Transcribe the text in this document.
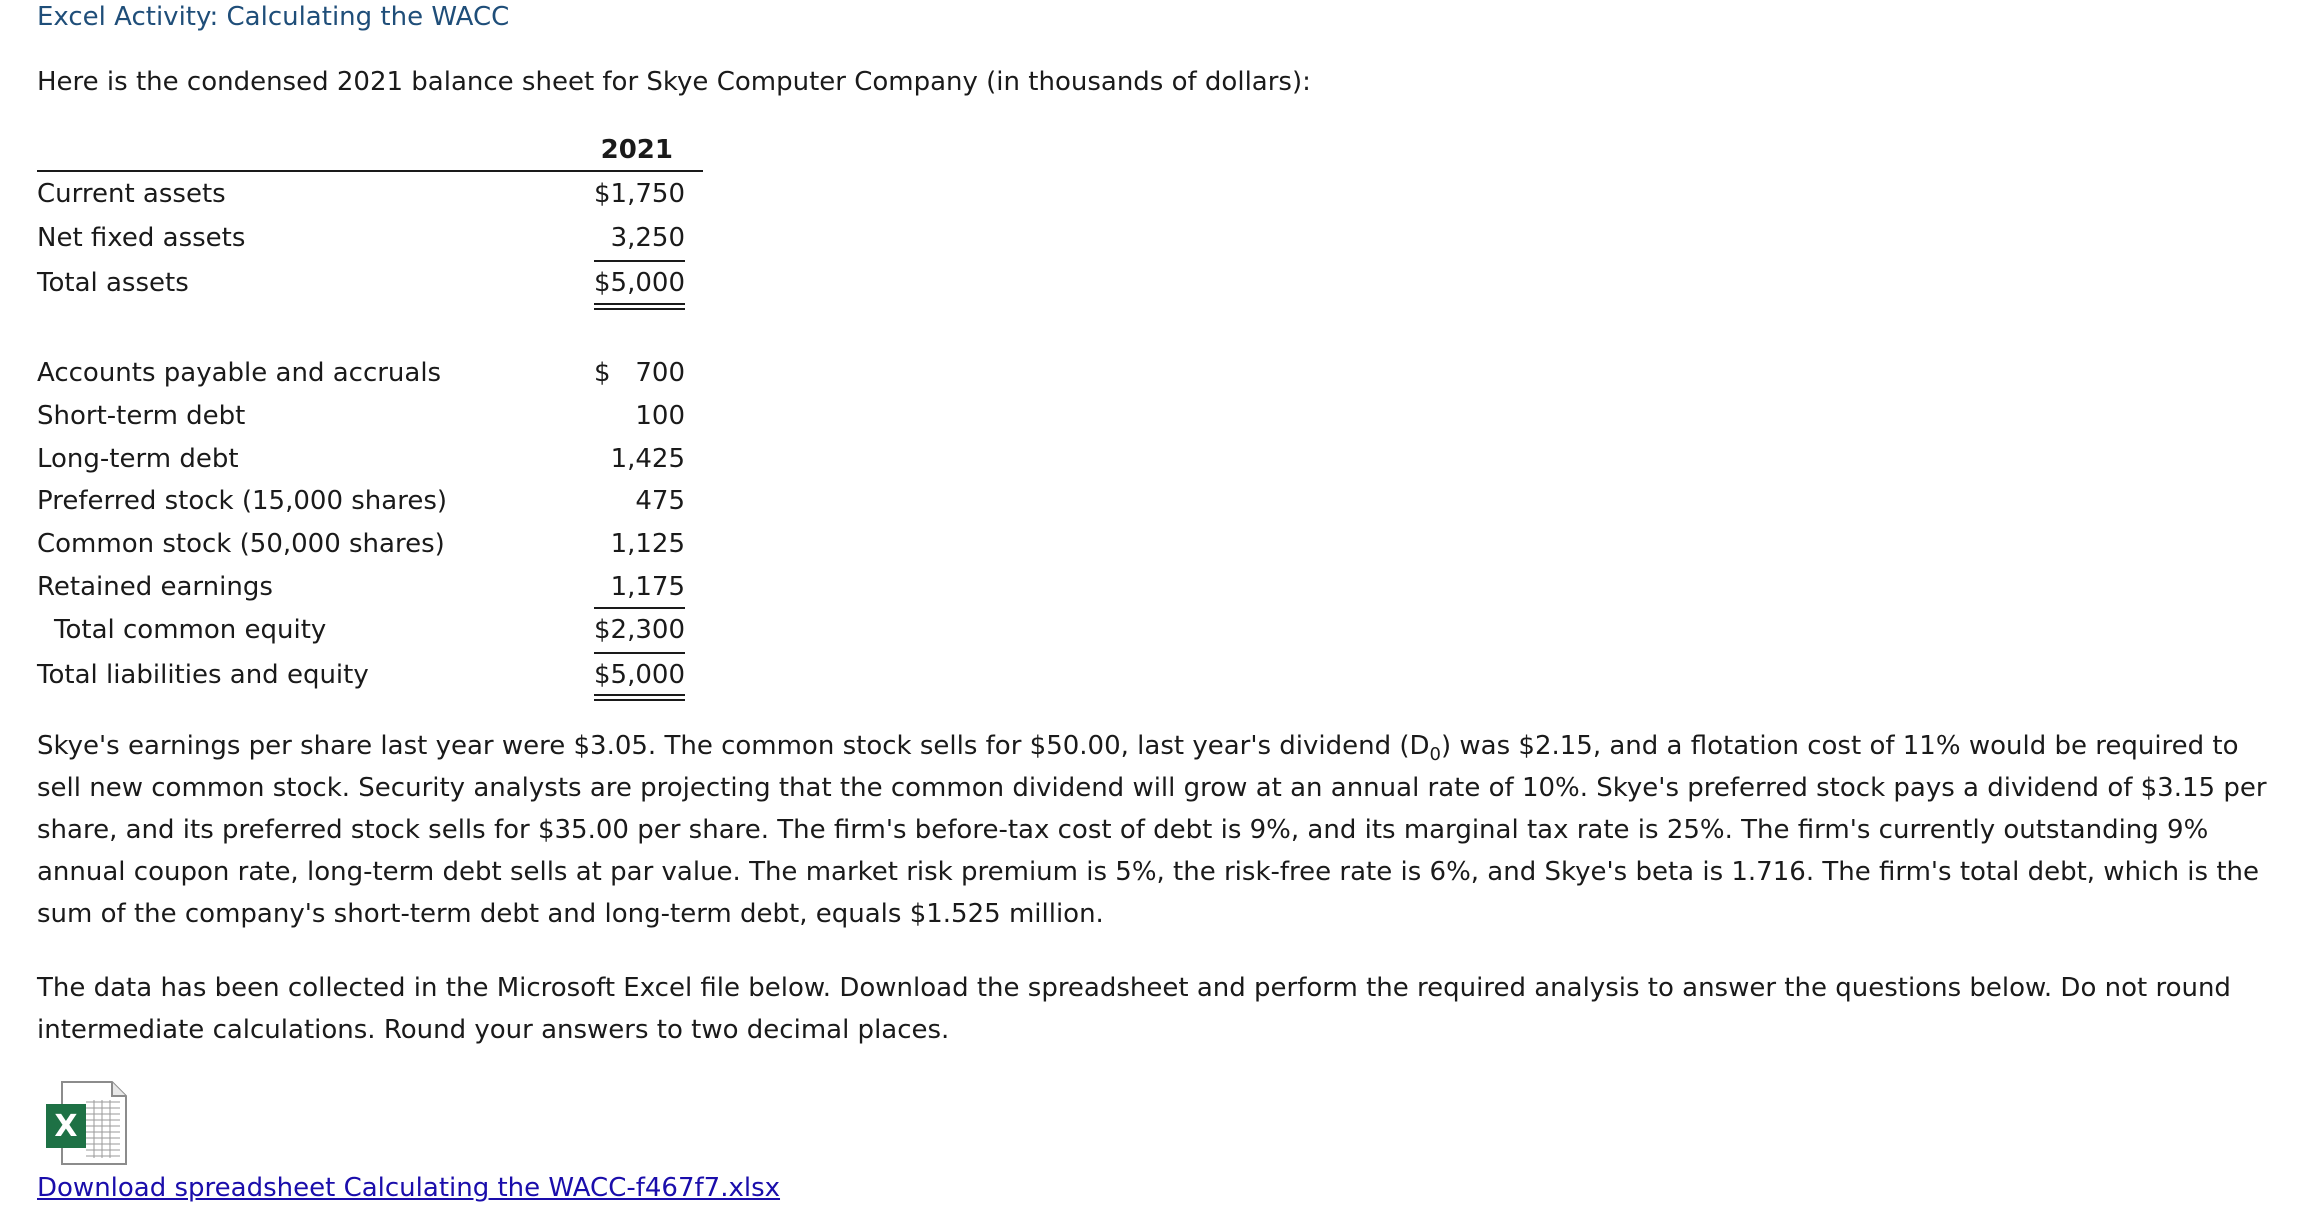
Excel Activity: Calculating the WACC
Here is the condensed 2021 balance sheet for Skye Computer Company (in thousands of dollars):
2021
Current assets	$1,750
Net fixed assets	3,250
Total assets	$5,000
Accounts payable and accruals	$   700
Short-term debt	100
Long-term debt	1,425
Preferred stock (15,000 shares)	475
Common stock (50,000 shares)	1,125
Retained earnings	1,175
Total common equity	$2,300
Total liabilities and equity	$5,000
Skye's earnings per share last year were $3.05. The common stock sells for $50.00, last year's dividend $(D_0)$ was $2.15, and a flotation cost of 11% would be required to sell new common stock. Security analysts are projecting that the common dividend will grow at an annual rate of 10%. Skye's preferred stock pays a dividend of $3.15 per share, and its preferred stock sells for $35.00 per share. The firm's before-tax cost of debt is 9%, and its marginal tax rate is 25%. The firm's currently outstanding 9% annual coupon rate, long-term debt sells at par value. The market risk premium is 5%, the risk-free rate is 6%, and Skye's beta is 1.716. The firm's total debt, which is the sum of the company's short-term debt and long-term debt, equals $1.525 million.
The data has been collected in the Microsoft Excel file below. Download the spreadsheet and perform the required analysis to answer the questions below. Do not round intermediate calculations. Round your answers to two decimal places.
X
Download spreadsheet Calculating the WACC-f467f7.xlsx
